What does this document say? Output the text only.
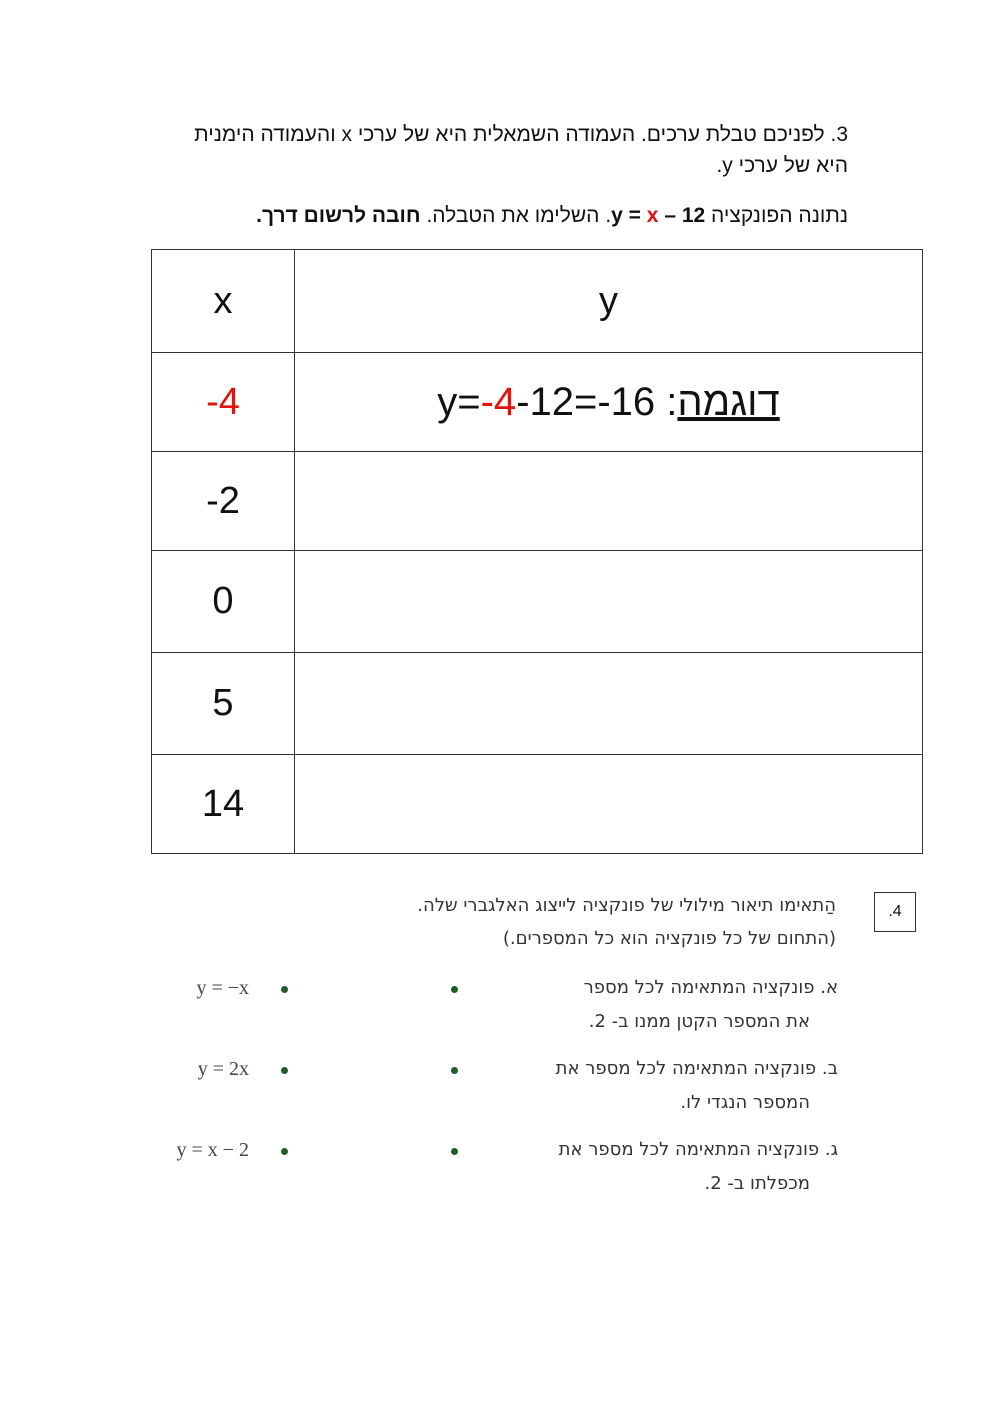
3. לפניכם טבלת ערכים. העמודה השמאלית היא של ערכי x והעמודה הימנית
היא של ערכי y.
נתונה הפונקציה y = x – 12. השלימו את הטבלה. חובה לרשום דרך.
x	y
-4	y=-4-12=-16 :דוגמה
-2	
0	
5	
14	
.4
הַתאימו תיאור מילולי של פונקציה לייצוג האלגברי שלה.
(התחום של כל פונקציה הוא כל המספרים.)
א. פונקציה המתאימה לכל מספר
את המספר הקטן ממנו ב- 2.
y = −x
ב. פונקציה המתאימה לכל מספר את
המספר הנגדי לו.
y = 2x
ג. פונקציה המתאימה לכל מספר את
מכפלתו ב- 2.
y = x − 2
